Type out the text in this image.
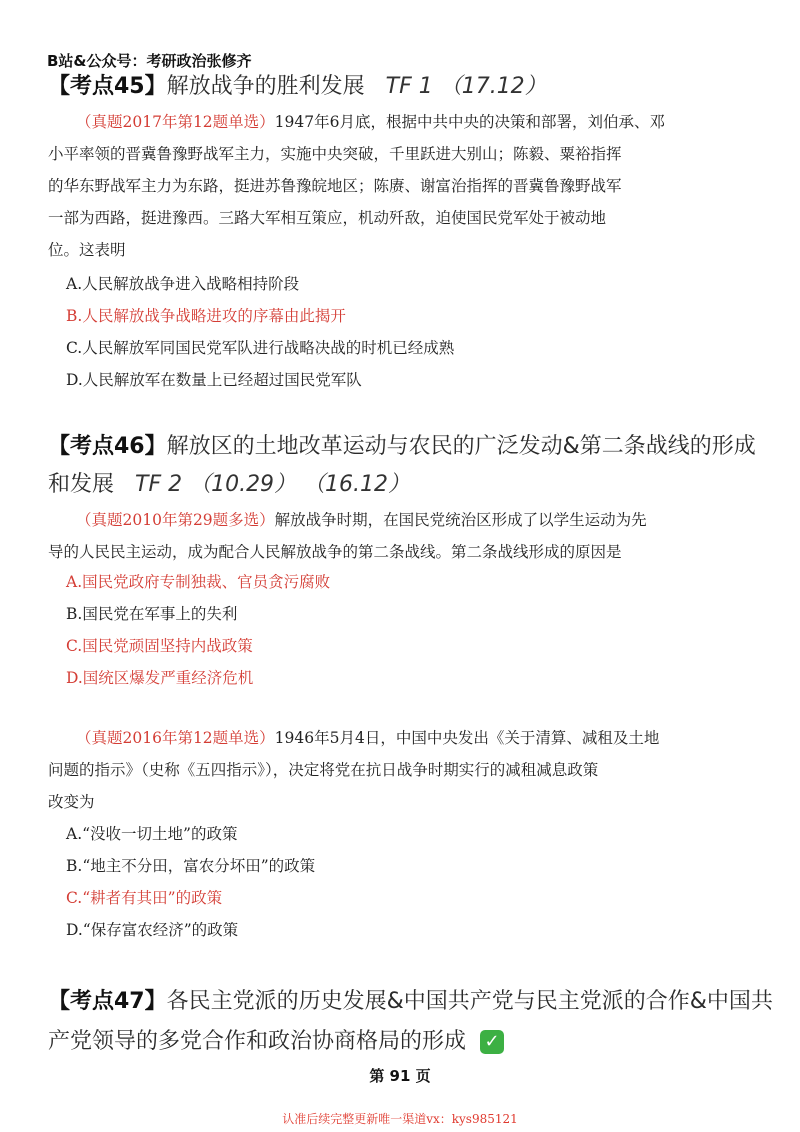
B站&公众号：考研政治张修齐
【考点45】解放战争的胜利发展 TF 1 （17.12）
（真题2017年第12题单选）1947年6月底，根据中共中央的决策和部署，刘伯承、邓
小平率领的晋冀鲁豫野战军主力，实施中央突破，千里跃进大别山；陈毅、粟裕指挥
的华东野战军主力为东路，挺进苏鲁豫皖地区；陈赓、谢富治指挥的晋冀鲁豫野战军
一部为西路，挺进豫西。三路大军相互策应，机动歼敌，迫使国民党军处于被动地
位。这表明
A.人民解放战争进入战略相持阶段
B.人民解放战争战略进攻的序幕由此揭开
C.人民解放军同国民党军队进行战略决战的时机已经成熟
D.人民解放军在数量上已经超过国民党军队
【考点46】解放区的土地改革运动与农民的广泛发动&第二条战线的形成
和发展 TF 2 （10.29） （16.12）
（真题2010年第29题多选）解放战争时期，在国民党统治区形成了以学生运动为先
导的人民民主运动，成为配合人民解放战争的第二条战线。第二条战线形成的原因是
A.国民党政府专制独裁、官员贪污腐败
B.国民党在军事上的失利
C.国民党顽固坚持内战政策
D.国统区爆发严重经济危机
（真题2016年第12题单选）1946年5月4日，中国中央发出《关于清算、减租及土地
问题的指示》（史称《五四指示》），决定将党在抗日战争时期实行的减租减息政策
改变为
A.“没收一切土地”的政策
B.“地主不分田，富农分坏田”的政策
C.“耕者有其田”的政策
D.“保存富农经济”的政策
【考点47】各民主党派的历史发展&中国共产党与民主党派的合作&中国共
产党领导的多党合作和政治协商格局的形成 ✓
第 91 页
认准后续完整更新唯一渠道vx：kys985121
